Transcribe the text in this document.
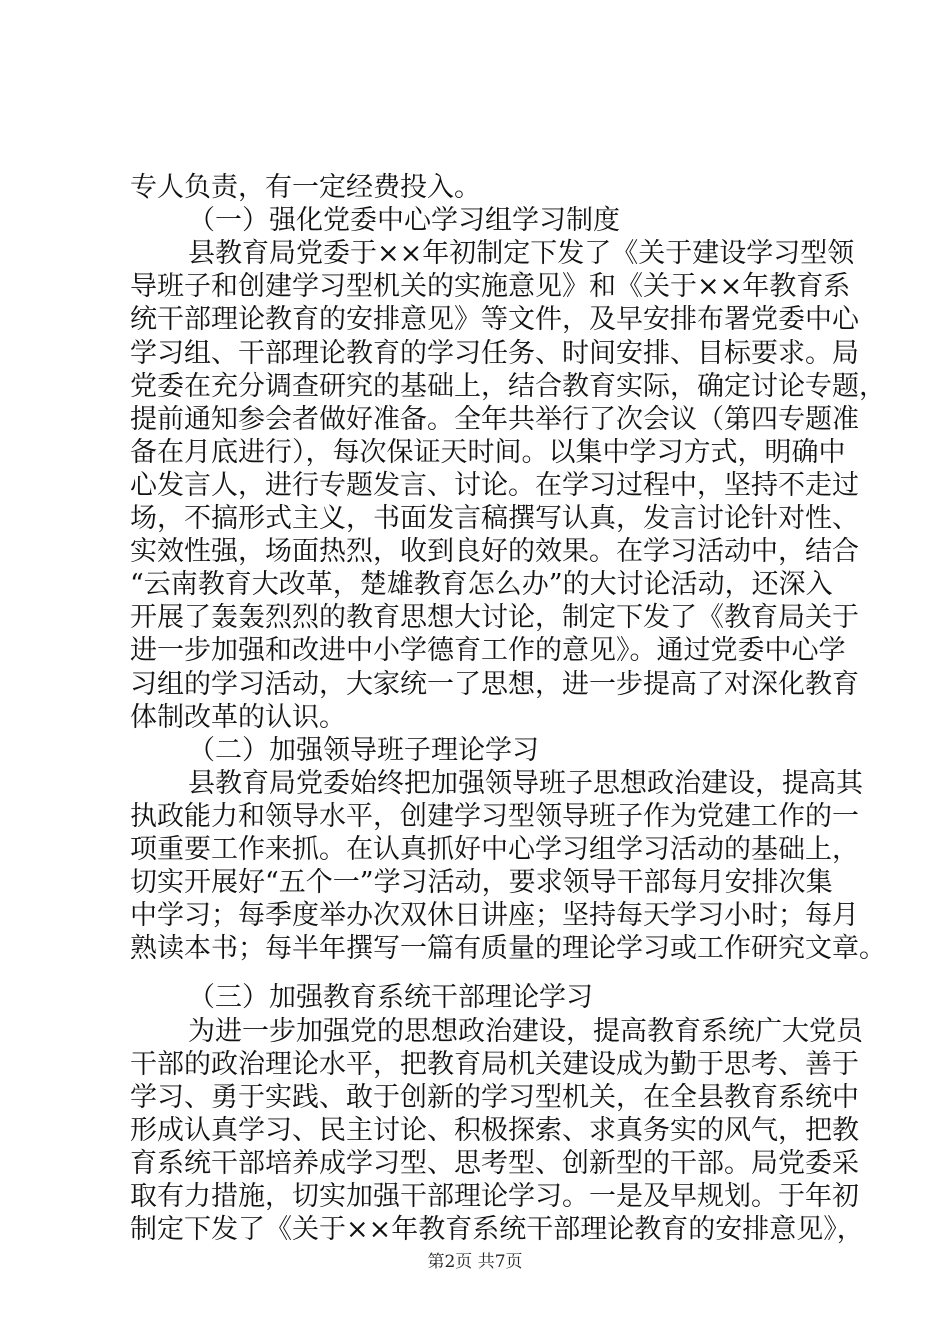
专人负责，有一定经费投入。
（一）强化党委中心学习组学习制度
县教育局党委于××年初制定下发了《关于建设学习型领
导班子和创建学习型机关的实施意见》和《关于××年教育系
统干部理论教育的安排意见》等文件，及早安排布署党委中心
学习组、干部理论教育的学习任务、时间安排、目标要求。局
党委在充分调查研究的基础上，结合教育实际，确定讨论专题，
提前通知参会者做好准备。全年共举行了次会议（第四专题准
备在月底进行），每次保证天时间。以集中学习方式，明确中
心发言人，进行专题发言、讨论。在学习过程中，坚持不走过
场，不搞形式主义，书面发言稿撰写认真，发言讨论针对性、
实效性强，场面热烈，收到良好的效果。在学习活动中，结合
“云南教育大改革，楚雄教育怎么办”的大讨论活动，还深入
开展了轰轰烈烈的教育思想大讨论，制定下发了《教育局关于
进一步加强和改进中小学德育工作的意见》。通过党委中心学
习组的学习活动，大家统一了思想，进一步提高了对深化教育
体制改革的认识。
（二）加强领导班子理论学习
县教育局党委始终把加强领导班子思想政治建设，提高其
执政能力和领导水平，创建学习型领导班子作为党建工作的一
项重要工作来抓。在认真抓好中心学习组学习活动的基础上，
切实开展好“五个一”学习活动，要求领导干部每月安排次集
中学习；每季度举办次双休日讲座；坚持每天学习小时；每月
熟读本书；每半年撰写一篇有质量的理论学习或工作研究文章。
（三）加强教育系统干部理论学习
为进一步加强党的思想政治建设，提高教育系统广大党员
干部的政治理论水平，把教育局机关建设成为勤于思考、善于
学习、勇于实践、敢于创新的学习型机关，在全县教育系统中
形成认真学习、民主讨论、积极探索、求真务实的风气，把教
育系统干部培养成学习型、思考型、创新型的干部。局党委采
取有力措施，切实加强干部理论学习。一是及早规划。于年初
制定下发了《关于××年教育系统干部理论教育的安排意见》，
第2页 共7页
